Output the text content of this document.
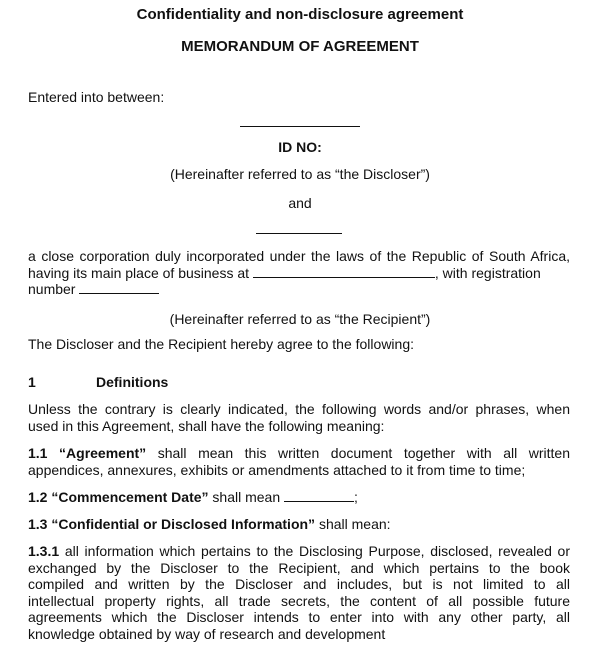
Confidentiality and non-disclosure agreement
MEMORANDUM OF AGREEMENT
Entered into between:
ID NO:
(Hereinafter referred to as “the Discloser”)
and
a close corporation duly incorporated under the laws of the Republic of South Africa,
having its main place of business at	, with registration
number
(Hereinafter referred to as “the Recipient”)
The Discloser and the Recipient hereby agree to the following:
1	Definitions
Unless the contrary is clearly indicated, the following words and/or phrases, when
used in this Agreement, shall have the following meaning:
1.1 “Agreement” shall mean this written document together with all written
appendices, annexures, exhibits or amendments attached to it from time to time;
1.2 “Commencement Date” shall mean	;
1.3 “Confidential or Disclosed Information” shall mean:
1.3.1 all information which pertains to the Disclosing Purpose, disclosed, revealed or
exchanged by the Discloser to the Recipient, and which pertains to the book
compiled and written by the Discloser and includes, but is not limited to all
intellectual property rights, all trade secrets, the content of all possible future
agreements which the Discloser intends to enter into with any other party, all
knowledge obtained by way of research and development
